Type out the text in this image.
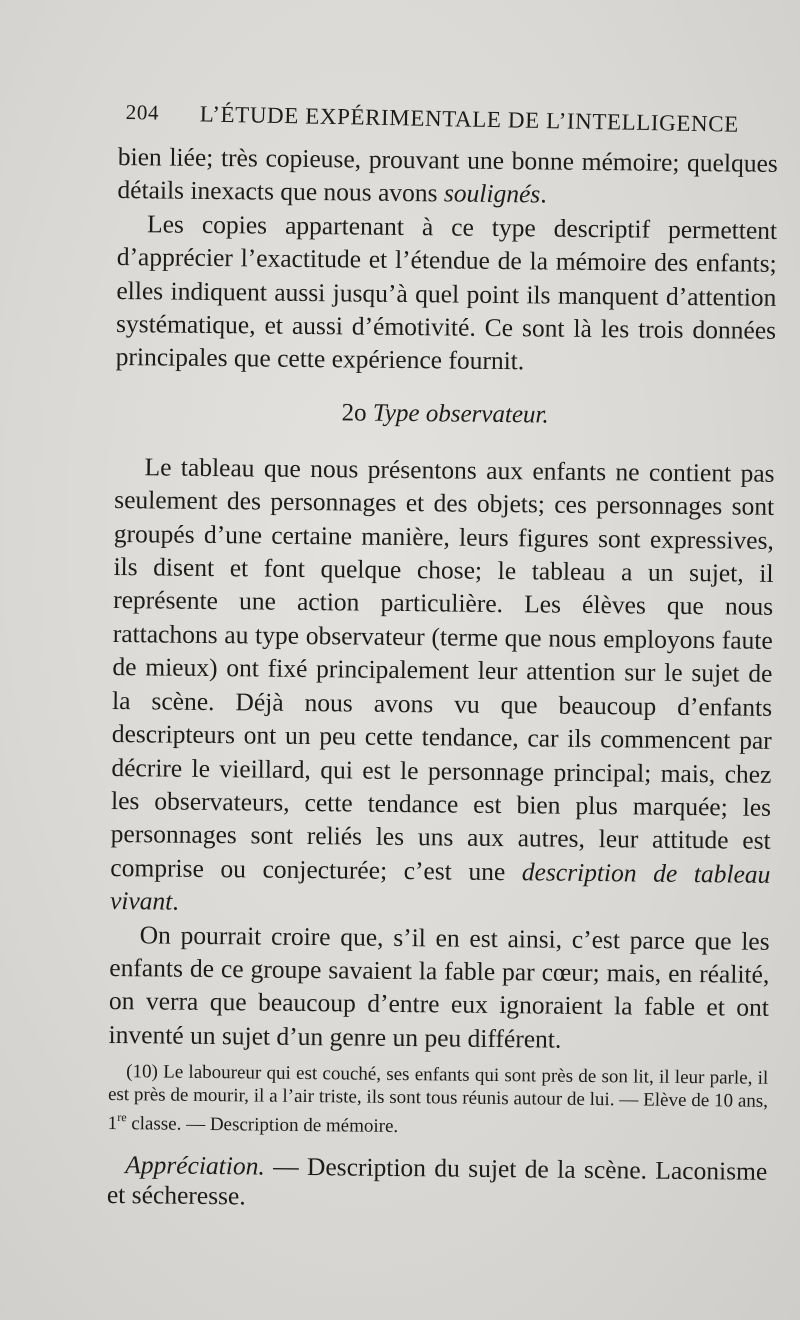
204 L’ÉTUDE EXPÉRIMENTALE DE L’INTELLIGENCE

bien liée; très copieuse, prouvant une bonne mémoire; quelques détails inexacts que nous avons soulignés.

Les copies appartenant à ce type descriptif permettent d’apprécier l’exactitude et l’étendue de la mémoire des enfants; elles indiquent aussi jusqu’à quel point ils manquent d’attention systématique, et aussi d’émotivité. Ce sont là les trois données principales que cette expérience fournit.

2o Type observateur.

Le tableau que nous présentons aux enfants ne contient pas seulement des personnages et des objets; ces personnages sont groupés d’une certaine manière, leurs figures sont expressives, ils disent et font quelque chose; le tableau a un sujet, il représente une action particulière. Les élèves que nous rattachons au type observateur (terme que nous employons faute de mieux) ont fixé principalement leur attention sur le sujet de la scène. Déjà nous avons vu que beaucoup d’enfants descripteurs ont un peu cette tendance, car ils commencent par décrire le vieillard, qui est le personnage principal; mais, chez les observateurs, cette tendance est bien plus marquée; les personnages sont reliés les uns aux autres, leur attitude est comprise ou conjecturée; c’est une description de tableau vivant.

On pourrait croire que, s’il en est ainsi, c’est parce que les enfants de ce groupe savaient la fable par cœur; mais, en réalité, on verra que beaucoup d’entre eux ignoraient la fable et ont inventé un sujet d’un genre un peu différent.

(10) Le laboureur qui est couché, ses enfants qui sont près de son lit, il leur parle, il est près de mourir, il a l’air triste, ils sont tous réunis autour de lui. — Elève de 10 ans, 1re classe. — Description de mémoire.

Appréciation. — Description du sujet de la scène. Laconisme et sécheresse.
